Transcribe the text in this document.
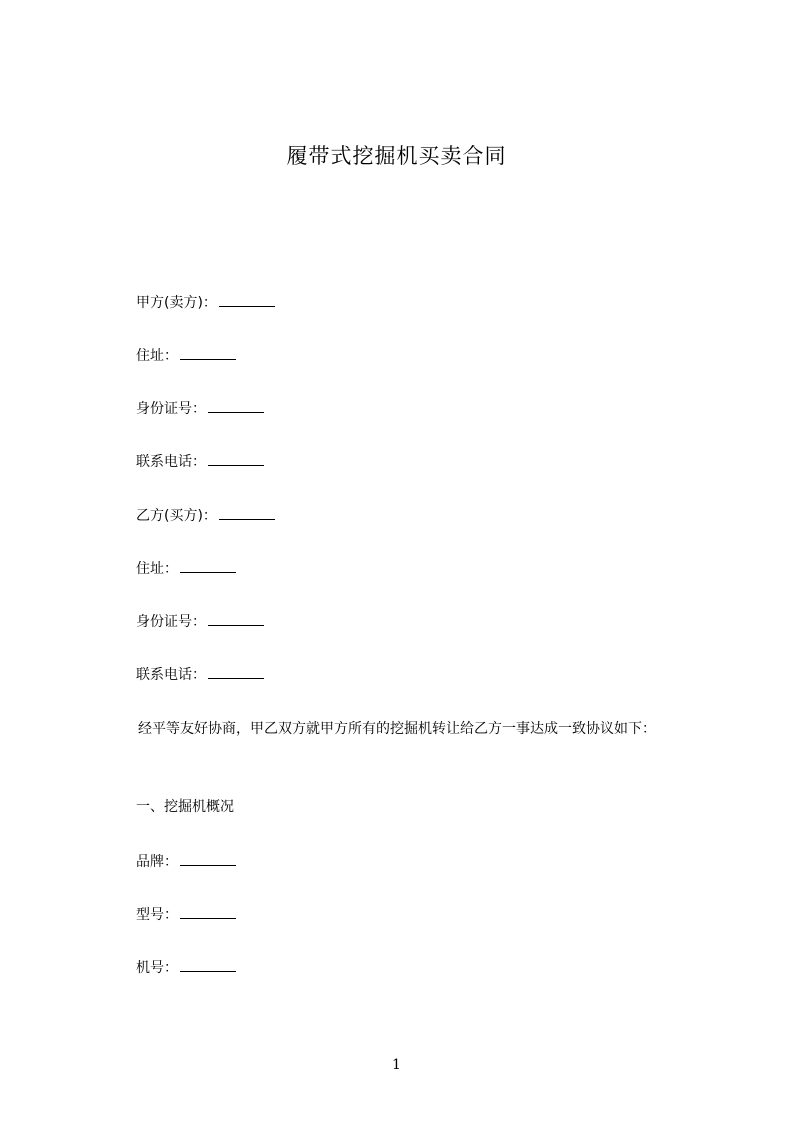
履带式挖掘机买卖合同
甲方(卖方)：
住址：
身份证号：
联系电话：
乙方(买方)：
住址：
身份证号：
联系电话：
经平等友好协商，甲乙双方就甲方所有的挖掘机转让给乙方一事达成一致协议如下：
一、挖掘机概况
品牌：
型号：
机号：
1
